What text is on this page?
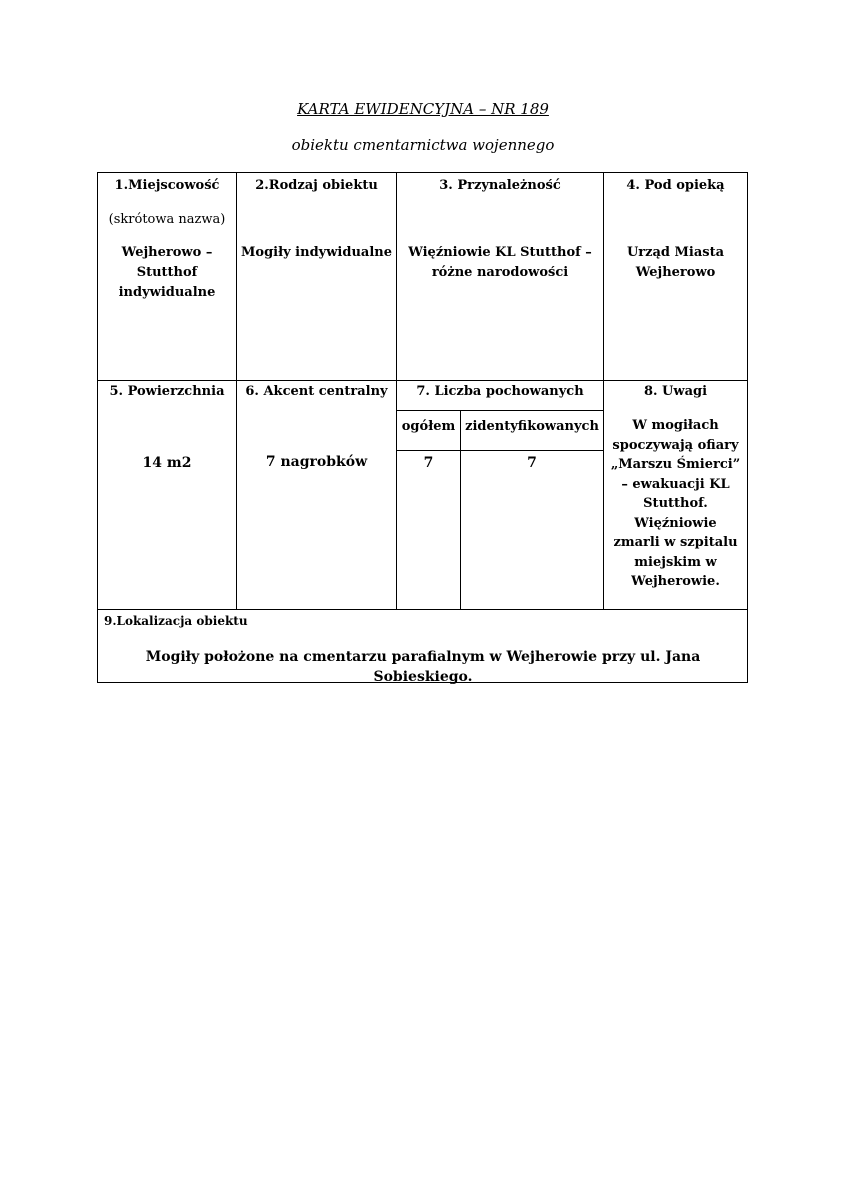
KARTA EWIDENCYJNA – NR 189
obiektu cmentarnictwa wojennego
1.Miejscowość
(skrótowa nazwa)
Wejherowo – Stutthof indywidualne
2.Rodzaj obiektu
Mogiły indywidualne
3. Przynależność
Więźniowie KL Stutthof – różne narodowości
4. Pod opieką
Urząd Miasta Wejherowo
5. Powierzchnia
14 m2
6. Akcent centralny
7 nagrobków
7. Liczba pochowanych
ogółem zidentyfikowanych
7	7
8. Uwagi
W mogiłach spoczywają ofiary „Marszu Śmierci” – ewakuacji KL Stutthof. Więźniowie zmarli w szpitalu miejskim w Wejherowie.
9.Lokalizacja obiektu
Mogiły położone na cmentarzu parafialnym w Wejherowie przy ul. Jana Sobieskiego.
